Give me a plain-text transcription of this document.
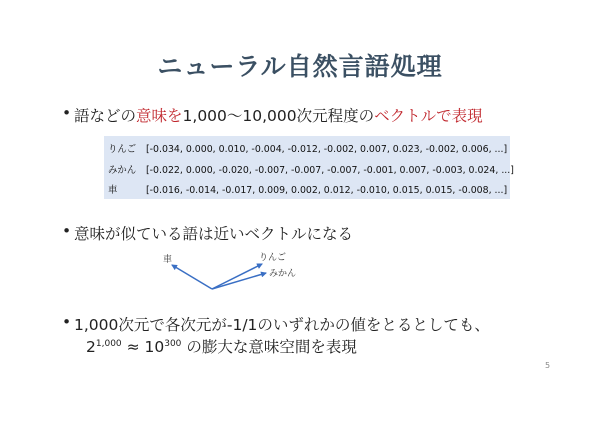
ニューラル自然言語処理
• 語などの意味を1,000〜10,000次元程度のベクトルで表現
りんご [-0.034, 0.000, 0.010, -0.004, -0.012, -0.002, 0.007, 0.023, -0.002, 0.006, ...]
みかん [-0.022, 0.000, -0.020, -0.007, -0.007, -0.007, -0.001, 0.007, -0.003, 0.024, ...]
車	[-0.016, -0.014, -0.017, 0.009, 0.002, 0.012, -0.010, 0.015, 0.015, -0.008, ...]
• 意味が似ている語は近いベクトルになる
車	りんご
みかん
• 1,000次元で各次元が-1/1のいずれかの値をとるとしても、
$2^{1,000} \approx 10^{300}$ の膨大な意味空間を表現
5
